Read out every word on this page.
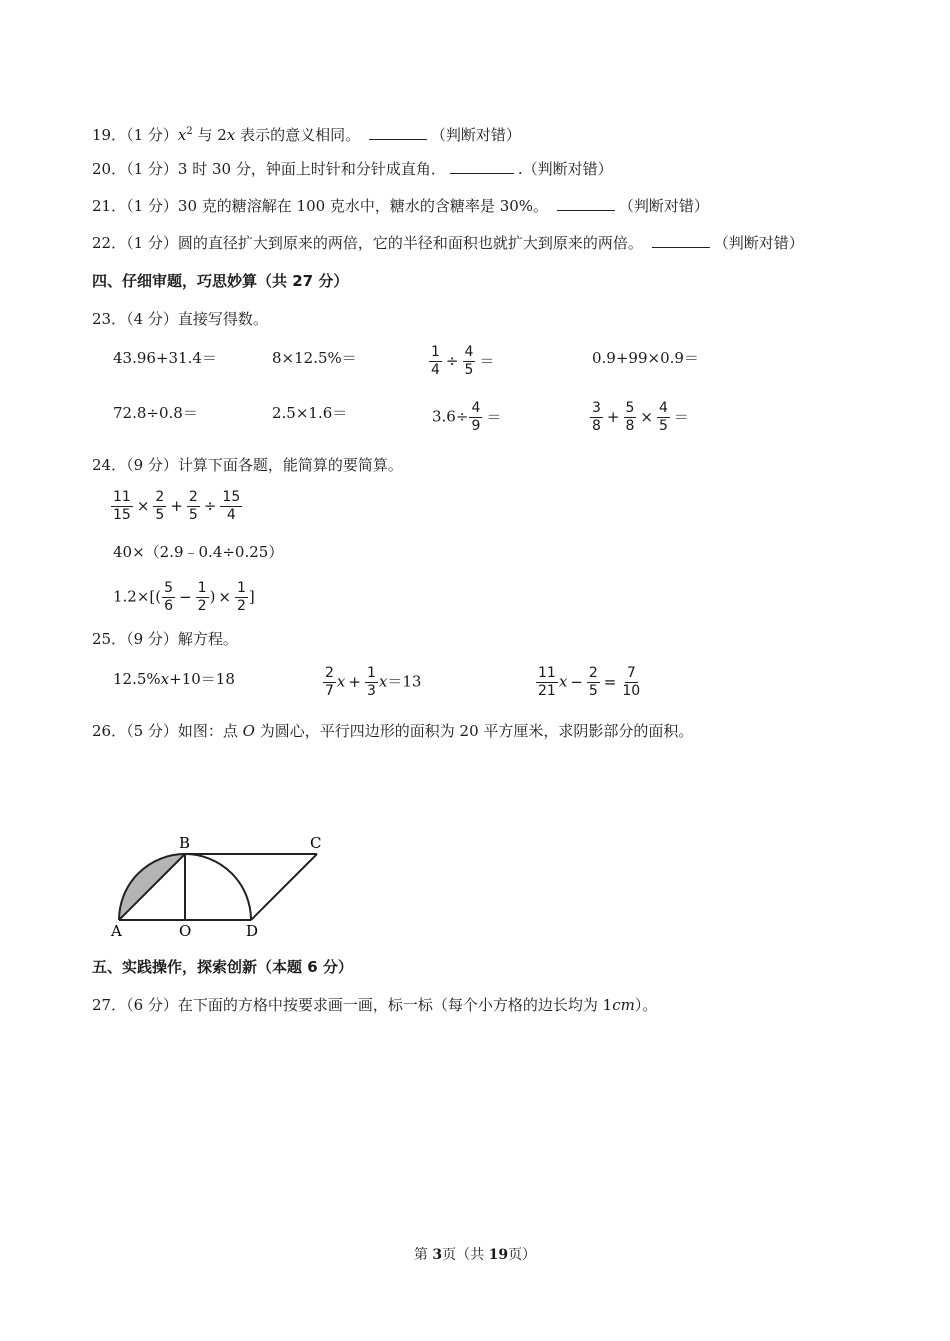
19．（1 分）$x^2$ 与 2x 表示的意义相同。	（判断对错）
20．（1 分）3 时 30 分，钟面上时针和分针成直角．	.（判断对错）
21．（1 分）30 克的糖溶解在 100 克水中，糖水的含糖率是 30%。	（判断对错）
22．（1 分）圆的直径扩大到原来的两倍，它的半径和面积也就扩大到原来的两倍。	（判断对错）
四、仔细审题，巧思妙算（共 27 分）
23．（4 分）直接写得数。
43.96+31.4＝	8×12.5%＝	$\frac{1}{4} \div \frac{4}{5}$ ＝	0.9+99×0.9＝
72.8÷0.8＝	2.5×1.6＝	$3.6\div \frac{4}{9}$ ＝	$\frac{3}{8} + \frac{5}{8} \times \frac{4}{5}$ ＝
24．（9 分）计算下面各题，能简算的要简算。
$\frac{11}{15} \times \frac{2}{5} + \frac{2}{5} \div \frac{15}{4}$
40×（2.9﹣0.4÷0.25）
$1.2\times[( \frac{5}{6} - \frac{1}{2}$ ) × $\frac{1}{2}$ ]
25．（9 分）解方程。
12.5%x+10＝18	$\frac{2}{7}$ $x + \frac{1}{3} x=13$	$\frac{11}{21}$ $x - \frac{2}{5} = \frac{7}{10}$
26．（5 分）如图：点 O 为圆心，平行四边形的面积为 20 平方厘米，求阴影部分的面积。
A
B	C
O	D
五、实践操作，探索创新（本题 6 分）
27．（6 分）在下面的方格中按要求画一画，标一标（每个小方格的边长均为 1cm）。
第 3页（共 19页）
